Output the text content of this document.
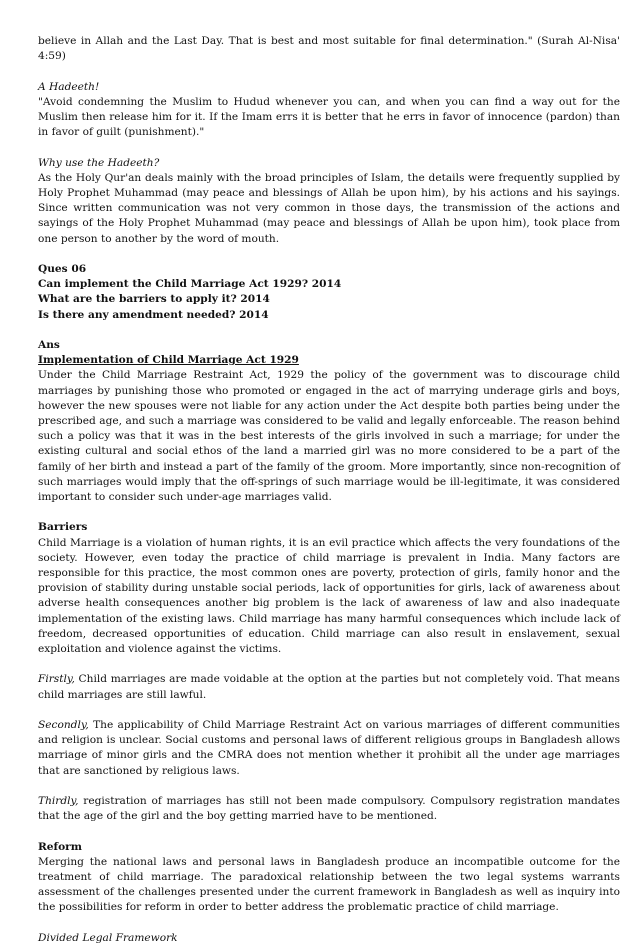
believe in Allah and the Last Day. That is best and most suitable for final determination." (Surah Al-Nisa' 4:59)

A Hadeeth!

"Avoid condemning the Muslim to Hudud whenever you can, and when you can find a way out for the Muslim then release him for it. If the Imam errs it is better that he errs in favor of innocence (pardon) than in favor of guilt (punishment)."

Why use the Hadeeth?

As the Holy Qur'an deals mainly with the broad principles of Islam, the details were frequently supplied by Holy Prophet Muhammad (may peace and blessings of Allah be upon him), by his actions and his sayings. Since written communication was not very common in those days, the transmission of the actions and sayings of the Holy Prophet Muhammad (may peace and blessings of Allah be upon him), took place from one person to another by the word of mouth.

Ques 06

Can implement the Child Marriage Act 1929? 2014

What are the barriers to apply it? 2014

Is there any amendment needed? 2014

Ans

Implementation of Child Marriage Act 1929

Under the Child Marriage Restraint Act, 1929 the policy of the government was to discourage child marriages by punishing those who promoted or engaged in the act of marrying underage girls and boys, however the new spouses were not liable for any action under the Act despite both parties being under the prescribed age, and such a marriage was considered to be valid and legally enforceable. The reason behind such a policy was that it was in the best interests of the girls involved in such a marriage; for under the existing cultural and social ethos of the land a married girl was no more considered to be a part of the family of her birth and instead a part of the family of the groom. More importantly, since non-recognition of such marriages would imply that the off-springs of such marriage would be ill-legitimate, it was considered important to consider such under-age marriages valid.

Barriers

Child Marriage is a violation of human rights, it is an evil practice which affects the very foundations of the society. However, even today the practice of child marriage is prevalent in India. Many factors are responsible for this practice, the most common ones are poverty, protection of girls, family honor and the provision of stability during unstable social periods, lack of opportunities for girls, lack of awareness about adverse health consequences another big problem is the lack of awareness of law and also inadequate implementation of the existing laws. Child marriage has many harmful consequences which include lack of freedom, decreased opportunities of education. Child marriage can also result in enslavement, sexual exploitation and violence against the victims.

Firstly, Child marriages are made voidable at the option at the parties but not completely void. That means child marriages are still lawful.

Secondly, The applicability of Child Marriage Restraint Act on various marriages of different communities and religion is unclear. Social customs and personal laws of different religious groups in Bangladesh allows marriage of minor girls and the CMRA does not mention whether it prohibit all the under age marriages that are sanctioned by religious laws.

Thirdly, registration of marriages has still not been made compulsory. Compulsory registration mandates that the age of the girl and the boy getting married have to be mentioned.

Reform

Merging the national laws and personal laws in Bangladesh produce an incompatible outcome for the treatment of child marriage. The paradoxical relationship between the two legal systems warrants assessment of the challenges presented under the current framework in Bangladesh as well as inquiry into the possibilities for reform in order to better address the problematic practice of child marriage.

Divided Legal Framework
